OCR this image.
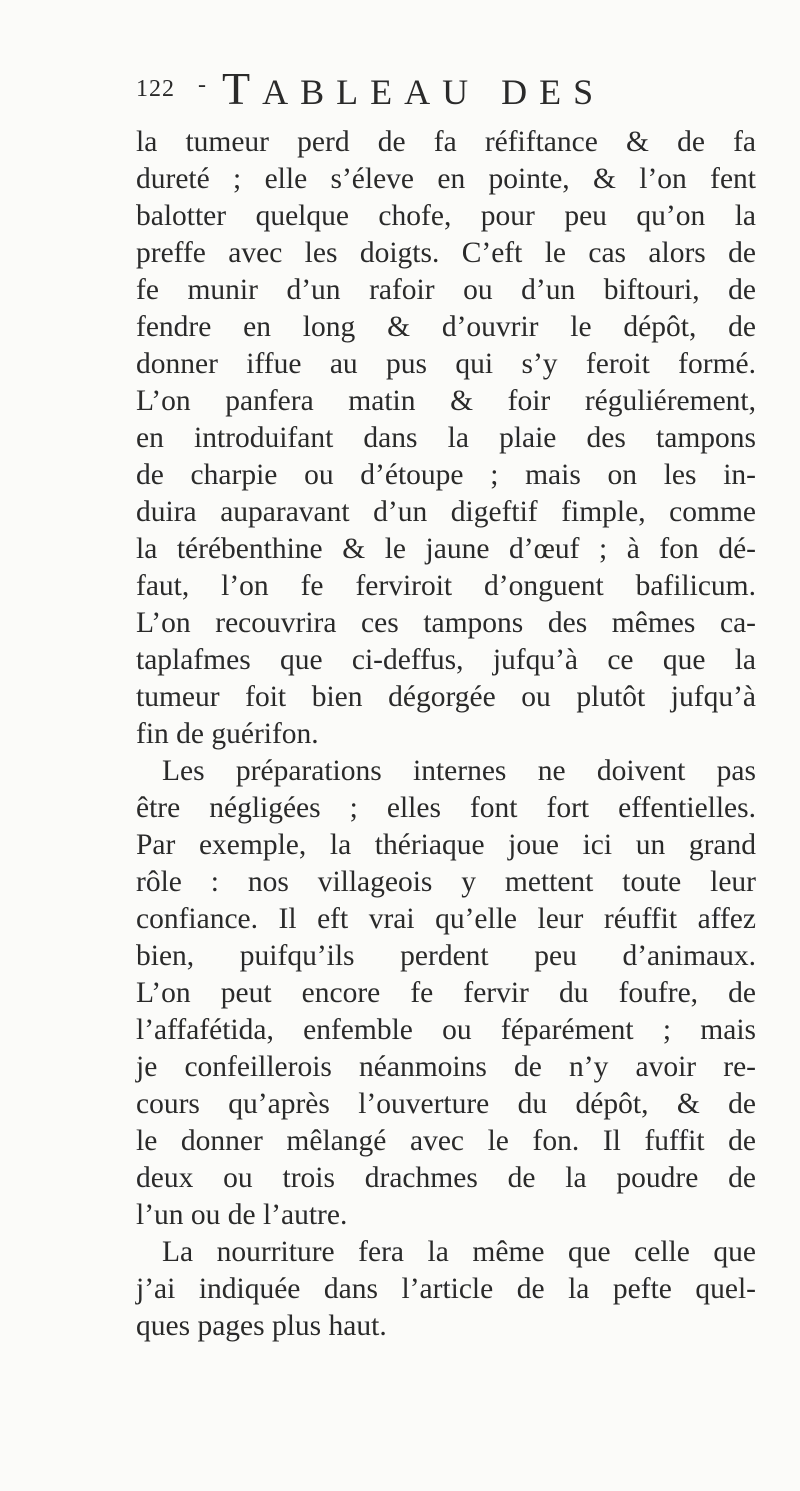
122 - TABLEAU DES
la tumeur perd de fa réfiftance & de fa
dureté ; elle s’éleve en pointe, & l’on fent
balotter quelque chofe, pour peu qu’on la
preffe avec les doigts. C’eft le cas alors de
fe munir d’un rafoir ou d’un biftouri, de
fendre en long & d’ouvrir le dépôt, de
donner iffue au pus qui s’y feroit formé.
L’on panfera matin & foir réguliérement,
en introduifant dans la plaie des tampons
de charpie ou d’étoupe ; mais on les in-
duira auparavant d’un digeftif fimple, comme
la térébenthine & le jaune d’œuf ; à fon dé-
faut, l’on fe ferviroit d’onguent bafilicum.
L’on recouvrira ces tampons des mêmes ca-
taplafmes que ci-deffus, jufqu’à ce que la
tumeur foit bien dégorgée ou plutôt jufqu’à
fin de guérifon.
Les préparations internes ne doivent pas
être négligées ; elles font fort effentielles.
Par exemple, la thériaque joue ici un grand
rôle : nos villageois y mettent toute leur
confiance. Il eft vrai qu’elle leur réuffit affez
bien, puifqu’ils perdent peu d’animaux.
L’on peut encore fe fervir du foufre, de
l’affafétida, enfemble ou féparément ; mais
je confeillerois néanmoins de n’y avoir re-
cours qu’après l’ouverture du dépôt, & de
le donner mêlangé avec le fon. Il fuffit de
deux ou trois drachmes de la poudre de
l’un ou de l’autre.
La nourriture fera la même que celle que
j’ai indiquée dans l’article de la pefte quel-
ques pages plus haut.
